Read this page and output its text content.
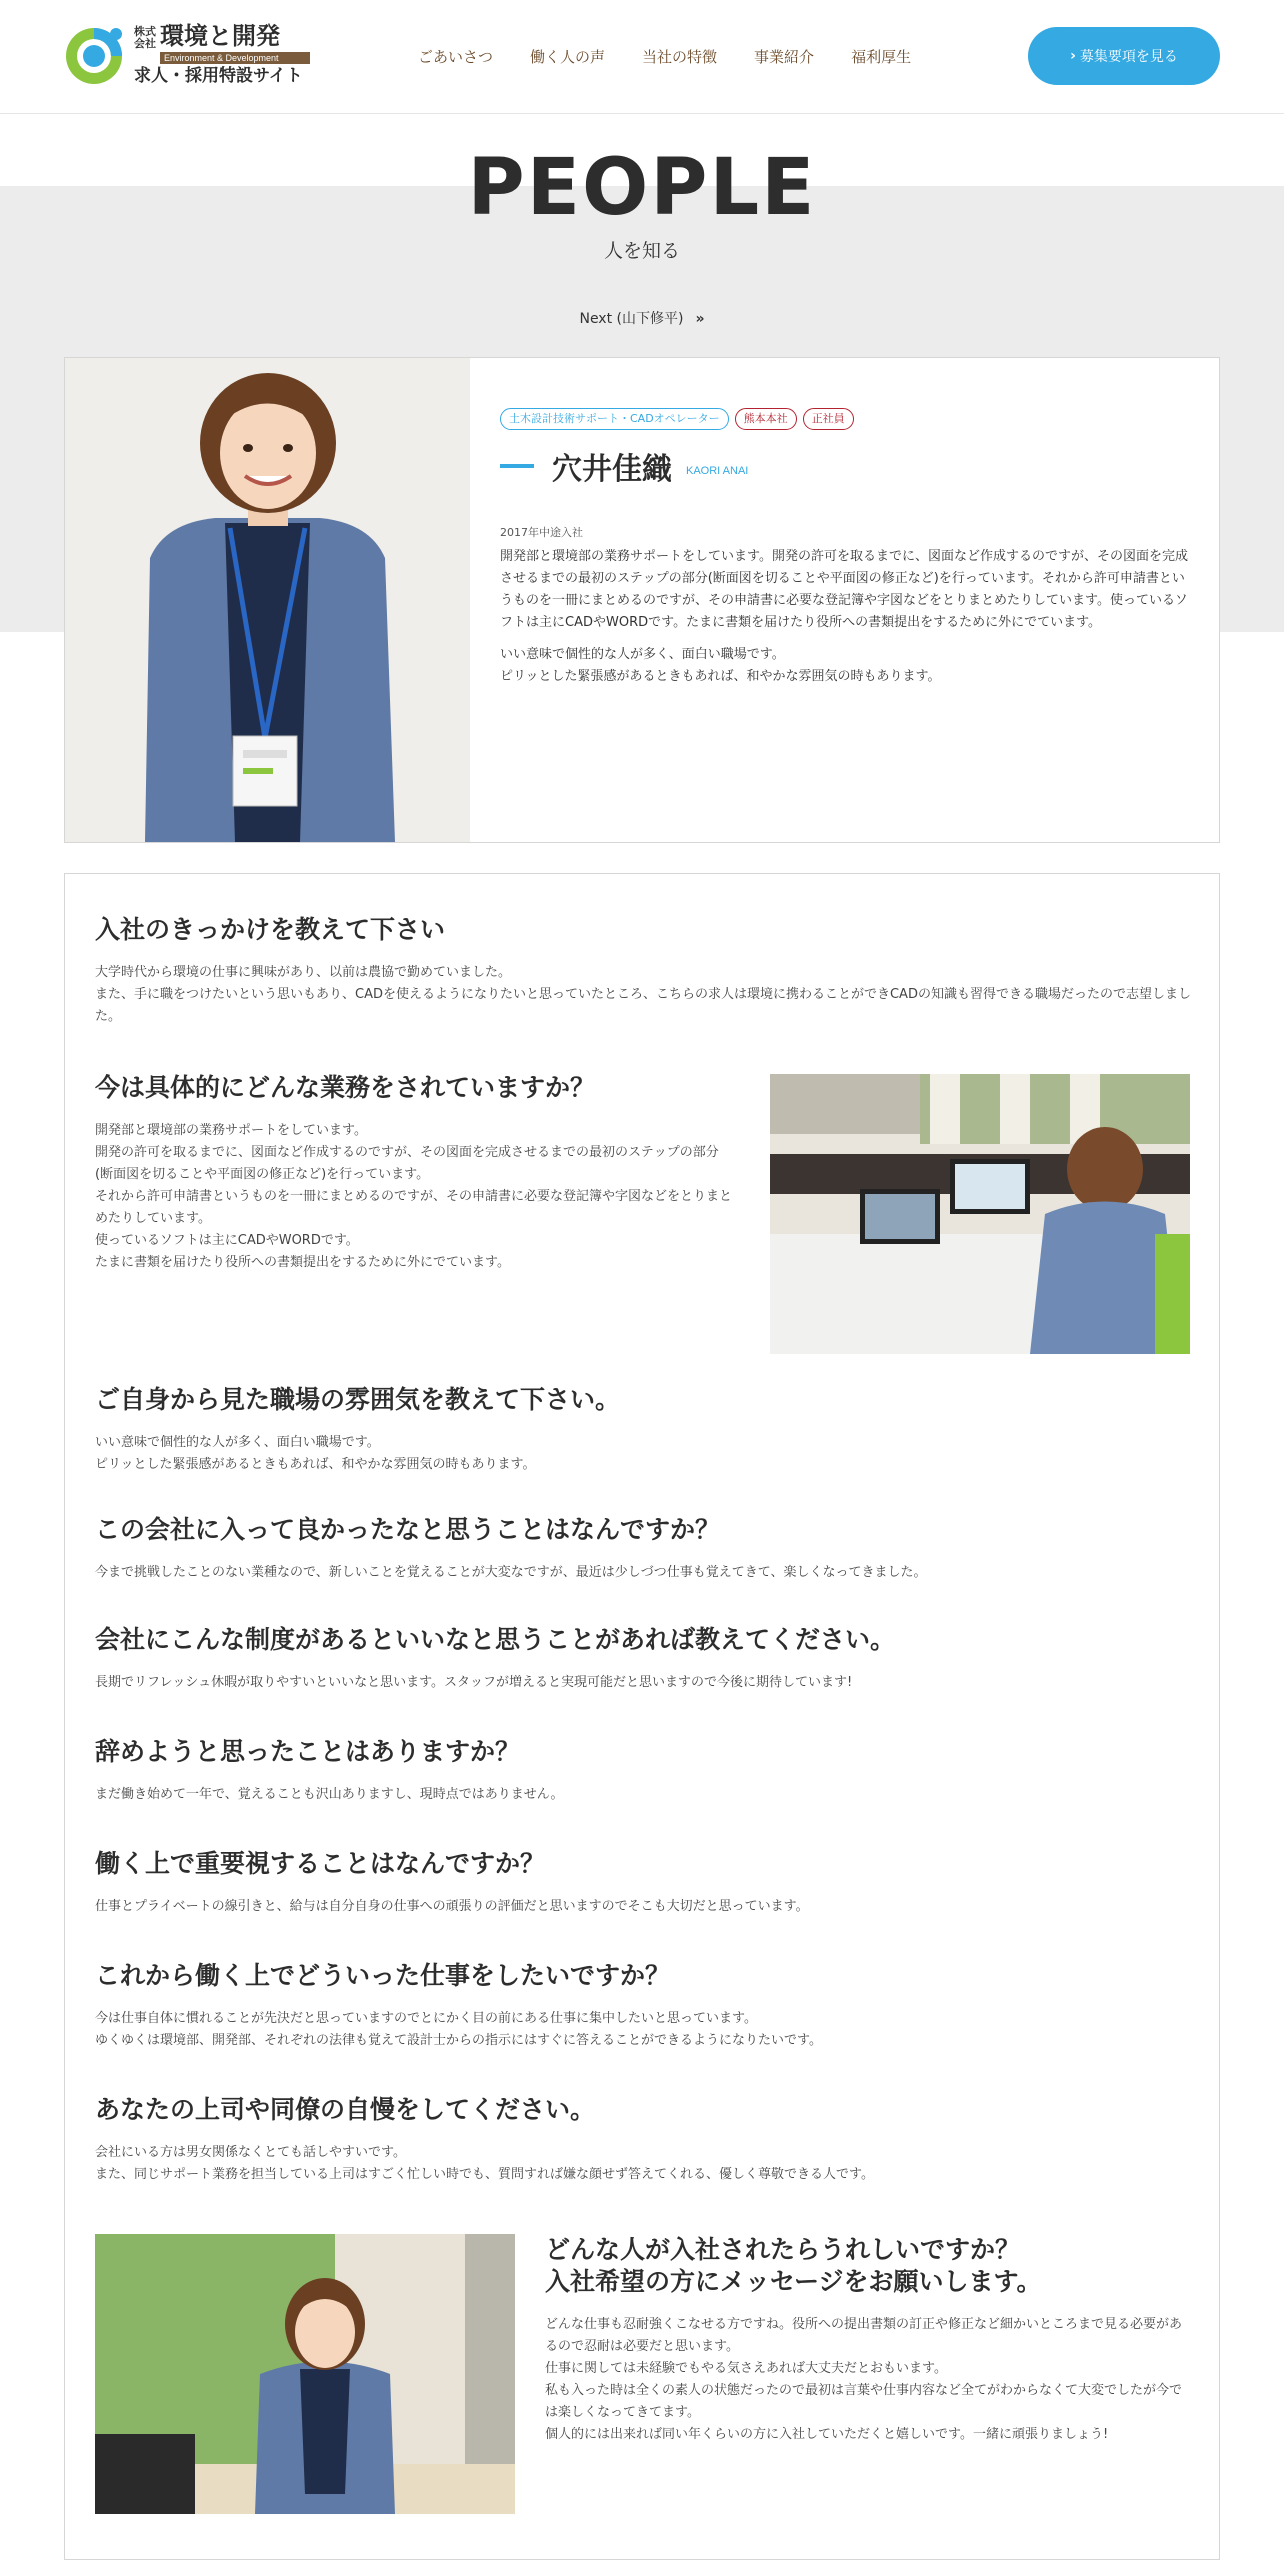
株式会社 環境と開発
Environment & Development
求人・採用特設サイト
ごあいさつ 働く人の声 当社の特徴 事業紹介 福利厚生	› 募集要項を見る
PEOPLE
人を知る
Next (山下修平) »
土木設計技術サポート・CADオペレーター	熊本本社	正社員
穴井佳織 KAORI ANAI
2017年中途入社

開発部と環境部の業務サポートをしています。開発の許可を取るまでに、図面など作成するのですが、その図面を完成させるまでの最初のステップの部分(断面図を切ることや平面図の修正など)を行っています。それから許可申請書というものを一冊にまとめるのですが、その申請書に必要な登記簿や字図などをとりまとめたりしています。使っているソフトは主にCADやWORDです。たまに書類を届けたり役所への書類提出をするために外にでています。

いい意味で個性的な人が多く、面白い職場です。
ピリッとした緊張感があるときもあれば、和やかな雰囲気の時もあります。

入社のきっかけを教えて下さい

大学時代から環境の仕事に興味があり、以前は農協で勤めていました。
また、手に職をつけたいという思いもあり、CADを使えるようになりたいと思っていたところ、こちらの求人は環境に携わることができCADの知識も習得できる職場だったので志望しました。

今は具体的にどんな業務をされていますか？

開発部と環境部の業務サポートをしています。
開発の許可を取るまでに、図面など作成するのですが、その図面を完成させるまでの最初のステップの部分(断面図を切ることや平面図の修正など)を行っています。
それから許可申請書というものを一冊にまとめるのですが、その申請書に必要な登記簿や字図などをとりまとめたりしています。
使っているソフトは主にCADやWORDです。
たまに書類を届けたり役所への書類提出をするために外にでています。

ご自身から見た職場の雰囲気を教えて下さい。

いい意味で個性的な人が多く、面白い職場です。
ピリッとした緊張感があるときもあれば、和やかな雰囲気の時もあります。

この会社に入って良かったなと思うことはなんですか？

今まで挑戦したことのない業種なので、新しいことを覚えることが大変なですが、最近は少しづつ仕事も覚えてきて、楽しくなってきました。

会社にこんな制度があるといいなと思うことがあれば教えてください。

長期でリフレッシュ休暇が取りやすいといいなと思います。スタッフが増えると実現可能だと思いますので今後に期待しています!

辞めようと思ったことはありますか？

まだ働き始めて一年で、覚えることも沢山ありますし、現時点ではありません。

働く上で重要視することはなんですか？

仕事とプライベートの線引きと、給与は自分自身の仕事への頑張りの評価だと思いますのでそこも大切だと思っています。

これから働く上でどういった仕事をしたいですか？

今は仕事自体に慣れることが先決だと思っていますのでとにかく目の前にある仕事に集中したいと思っています。
ゆくゆくは環境部、開発部、それぞれの法律も覚えて設計士からの指示にはすぐに答えることができるようになりたいです。

あなたの上司や同僚の自慢をしてください。

会社にいる方は男女関係なくとても話しやすいです。
また、同じサポート業務を担当している上司はすごく忙しい時でも、質問すれば嫌な顔せず答えてくれる、優しく尊敬できる人です。

どんな人が入社されたらうれしいですか？
入社希望の方にメッセージをお願いします。

どんな仕事も忍耐強くこなせる方ですね。役所への提出書類の訂正や修正など細かいところまで見る必要があるので忍耐は必要だと思います。
仕事に関しては未経験でもやる気さえあれば大丈夫だとおもいます。
私も入った時は全くの素人の状態だったので最初は言葉や仕事内容など全てがわからなくて大変でしたが今では楽しくなってきてます。
個人的には出来れば同い年くらいの方に入社していただくと嬉しいです。一緒に頑張りましょう!
